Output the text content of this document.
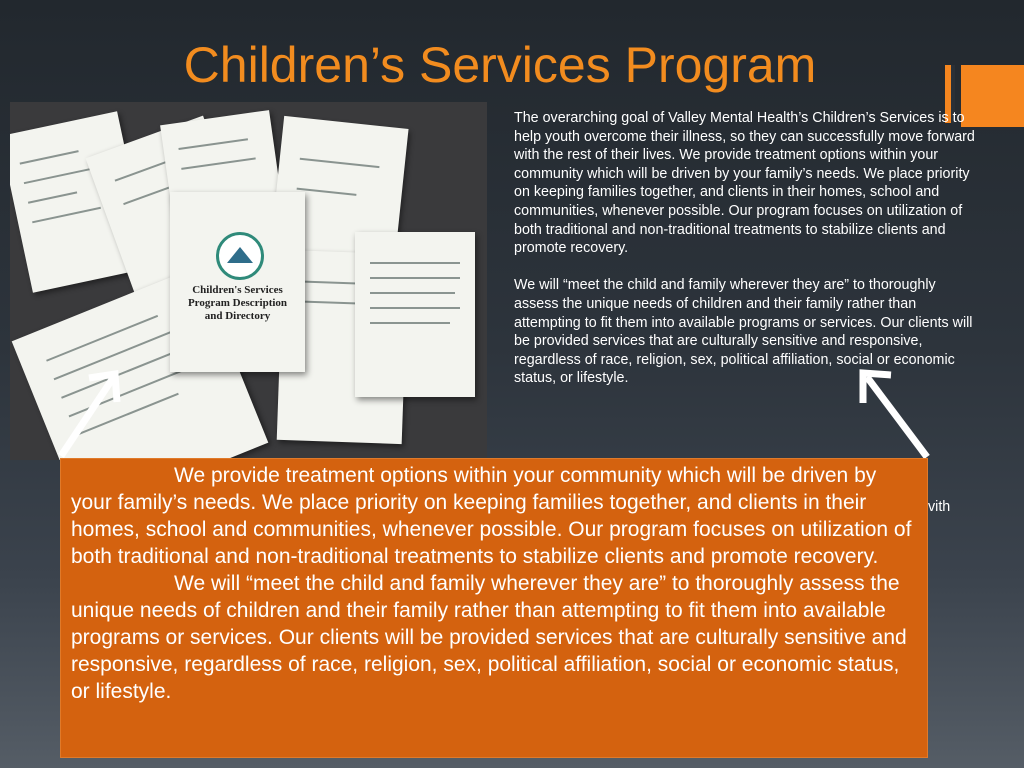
Children’s Services Program
Children's Services Program Description and Directory

The overarching goal of Valley Mental Health’s Children’s Services is to help youth overcome their illness, so they can successfully move forward with the rest of their lives. We provide treatment options within your community which will be driven by your family’s needs. We place priority on keeping families together, and clients in their homes, school and communities, whenever possible. Our program focuses on utilization of both traditional and non-traditional treatments to stabilize clients and promote recovery.

We will “meet the child and family wherever they are” to thoroughly assess the unique needs of children and their family rather than attempting to fit them into available programs or services. Our clients will be provided services that are culturally sensitive and responsive, regardless of race, religion, sex, political affiliation, social or economic status, or lifestyle.

vith

We provide treatment options within your community which will be driven by your family’s needs. We place priority on keeping families together, and clients in their homes, school and communities, whenever possible. Our program focuses on utilization of both traditional and non-traditional treatments to stabilize clients and promote recovery.

We will “meet the child and family wherever they are” to thoroughly assess the unique needs of children and their family rather than attempting to fit them into available programs or services. Our clients will be provided services that are culturally sensitive and responsive, regardless of race, religion, sex, political affiliation, social or economic status, or lifestyle.
